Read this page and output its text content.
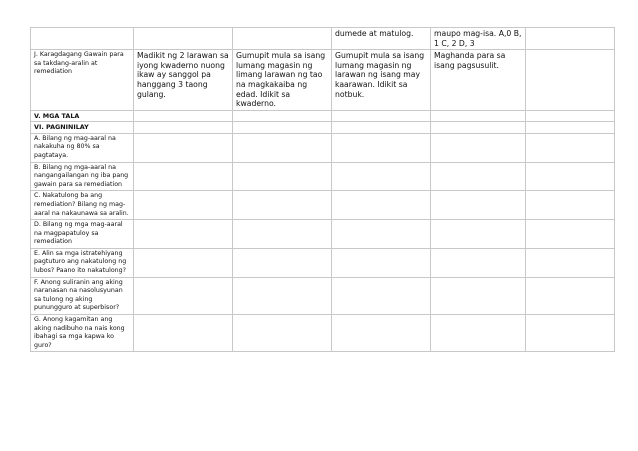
			dumede at matulog.	maupo mag-isa. A,0 B, 1 C, 2 D, 3	
J. Karagdagang Gawain para sa takdang-aralin at remediation	Madikit ng 2 larawan sa iyong kwaderno nuong ikaw ay sanggol pa hanggang 3 taong gulang.	Gumupit mula sa isang lumang magasin ng limang larawan ng tao na magkakaiba ng edad. Idikit sa kwaderno.	Gumupit mula sa isang lumang magasin ng larawan ng isang may kaarawan. Idikit sa notbuk.	Maghanda para sa isang pagsusulit.	
V. MGA TALA					
VI. PAGNINILAY					
A. Bilang ng mag-aaral na nakakuha ng 80% sa pagtataya.					
B. Bilang ng mga-aaral na nangangailangan ng iba pang gawain para sa remediation					
C. Nakatulong ba ang remediation? Bilang ng mag-aaral na nakaunawa sa aralin.					
D. Bilang ng mga mag-aaral na magpapatuloy sa remediation					
E. Alin sa mga istratehiyang pagtuturo ang nakatulong ng lubos? Paano ito nakatulong?					
F. Anong suliranin ang aking naranasan na nasolusyunan sa tulong ng aking punungguro at superbisor?					
G. Anong kagamitan ang aking nadibuho na nais kong ibahagi sa mga kapwa ko guro?					
